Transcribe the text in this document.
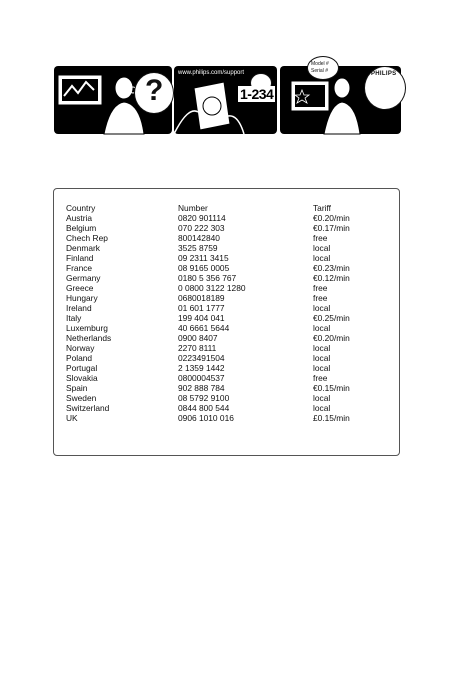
?
www.philips.com/support
1-234
Model #
Serial #	PHILIPS
Country	Number	Tariff
Austria	0820 901114	€0.20/min
Belgium	070 222 303	€0.17/min
Chech Rep	800142840	free
Denmark	3525 8759	local
Finland	09 2311 3415	local
France	08 9165 0005	€0.23/min
Germany	0180 5 356 767	€0.12/min
Greece	0 0800 3122 1280	free
Hungary	0680018189	free
Ireland	01 601 1777	local
Italy	199 404 041	€0.25/min
Luxemburg	40 6661 5644	local
Netherlands	0900 8407	€0.20/min
Norway	2270 8111	local
Poland	0223491504	local
Portugal	2 1359 1442	local
Slovakia	0800004537	free
Spain	902 888 784	€0.15/min
Sweden	08 5792 9100	local
Switzerland	0844 800 544	local
UK	0906 1010 016	£0.15/min
